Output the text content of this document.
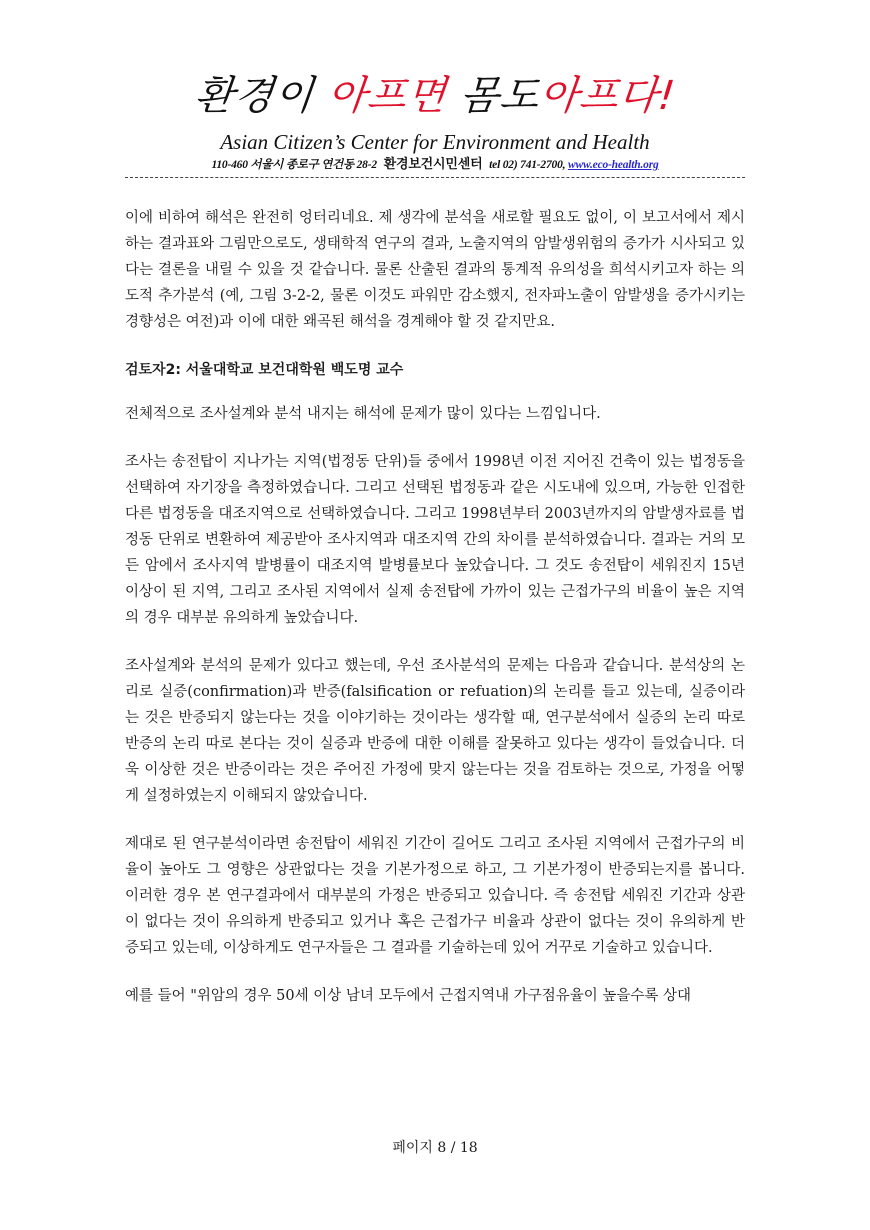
환경이 아프면 몸도아프다!
Asian Citizen’s Center for Environment and Health
110-460 서울시 종로구 연건동 28-2 환경보건시민센터 tel 02) 741-2700, www.eco-health.org

이에 비하여 해석은 완전히 엉터리네요. 제 생각에 분석을 새로할 필요도 없이, 이 보고서에서 제시하는 결과표와 그림만으로도, 생태학적 연구의 결과, 노출지역의 암발생위험의 증가가 시사되고 있다는 결론을 내릴 수 있을 것 같습니다. 물론 산출된 결과의 통계적 유의성을 희석시키고자 하는 의도적 추가분석 (예, 그림 3-2-2, 물론 이것도 파워만 감소했지, 전자파노출이 암발생을 증가시키는 경향성은 여전)과 이에 대한 왜곡된 해석을 경계해야 할 것 같지만요.

검토자2: 서울대학교 보건대학원 백도명 교수

전체적으로 조사설계와 분석 내지는 해석에 문제가 많이 있다는 느낌입니다.

조사는 송전탑이 지나가는 지역(법정동 단위)들 중에서 1998년 이전 지어진 건축이 있는 법정동을 선택하여 자기장을 측정하였습니다. 그리고 선택된 법정동과 같은 시도내에 있으며, 가능한 인접한 다른 법정동을 대조지역으로 선택하였습니다. 그리고 1998년부터 2003년까지의 암발생자료를 법정동 단위로 변환하여 제공받아 조사지역과 대조지역 간의 차이를 분석하였습니다. 결과는 거의 모든 암에서 조사지역 발병률이 대조지역 발병률보다 높았습니다. 그 것도 송전탑이 세워진지 15년 이상이 된 지역, 그리고 조사된 지역에서 실제 송전탑에 가까이 있는 근접가구의 비율이 높은 지역의 경우 대부분 유의하게 높았습니다.

조사설계와 분석의 문제가 있다고 했는데, 우선 조사분석의 문제는 다음과 같습니다. 분석상의 논리로 실증(confirmation)과 반증(falsification or refuation)의 논리를 들고 있는데, 실증이라는 것은 반증되지 않는다는 것을 이야기하는 것이라는 생각할 때, 연구분석에서 실증의 논리 따로 반증의 논리 따로 본다는 것이 실증과 반증에 대한 이해를 잘못하고 있다는 생각이 들었습니다. 더욱 이상한 것은 반증이라는 것은 주어진 가정에 맞지 않는다는 것을 검토하는 것으로, 가정을 어떻게 설정하였는지 이해되지 않았습니다.

제대로 된 연구분석이라면 송전탑이 세워진 기간이 길어도 그리고 조사된 지역에서 근접가구의 비율이 높아도 그 영향은 상관없다는 것을 기본가정으로 하고, 그 기본가정이 반증되는지를 봅니다. 이러한 경우 본 연구결과에서 대부분의 가정은 반증되고 있습니다. 즉 송전탑 세워진 기간과 상관이 없다는 것이 유의하게 반증되고 있거나 혹은 근접가구 비율과 상관이 없다는 것이 유의하게 반증되고 있는데, 이상하게도 연구자들은 그 결과를 기술하는데 있어 거꾸로 기술하고 있습니다.

예를 들어 "위암의 경우 50세 이상 남녀 모두에서 근접지역내 가구점유율이 높을수록 상대

페이지 8 / 18
